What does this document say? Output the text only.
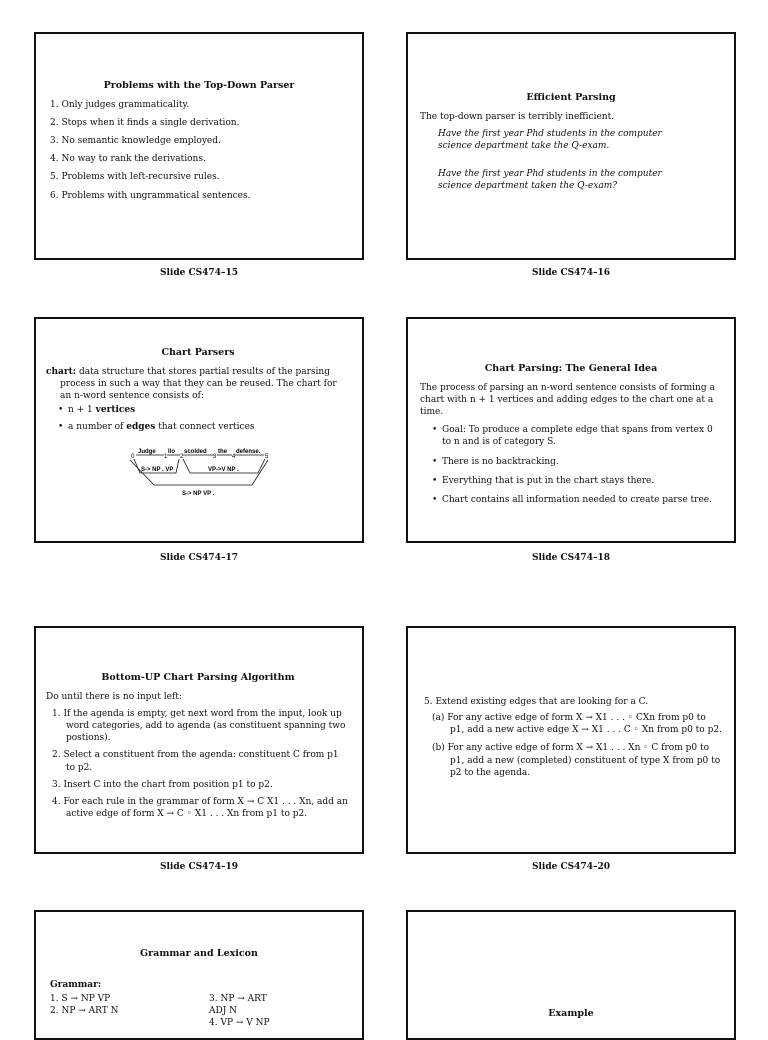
Problems with the Top-Down Parser
1. Only judges grammaticality.
2. Stops when it finds a single derivation.
3. No semantic knowledge employed.
4. No way to rank the derivations.
5. Problems with left-recursive rules.
6. Problems with ungrammatical sentences.
Slide CS474–15
Efficient Parsing
The top-down parser is terribly inefficient.
Have the first year Phd students in the computer science department take the Q-exam.
Have the first year Phd students in the computer science department taken the Q-exam?
Slide CS474–16
Chart Parsers
chart: data structure that stores partial results of the parsing process in such a way that they can be reused. The chart for an n-word sentence consists of:
• n + 1 vertices
• a number of edges that connect vertices
0	1 2	3	4	5
Judge Ilo scolded the defense.
S-> NP . VP	VP->V NP .
S-> NP VP .
Slide CS474–17
Chart Parsing: The General Idea
The process of parsing an n-word sentence consists of forming a chart with n + 1 vertices and adding edges to the chart one at a time.
• Goal: To produce a complete edge that spans from vertex 0 to n and is of category S.
• There is no backtracking.
• Everything that is put in the chart stays there.
• Chart contains all information needed to create parse tree.
Slide CS474–18
Bottom-UP Chart Parsing Algorithm
Do until there is no input left:
1. If the agenda is empty, get next word from the input, look up word categories, add to agenda (as constituent spanning two postions).
2. Select a constituent from the agenda: constituent C from p1 to p2.
3. Insert C into the chart from position p1 to p2.
4. For each rule in the grammar of form X → C X1 . . . Xn, add an active edge of form X → C ◦ X1 . . . Xn from p1 to p2.
Slide CS474–19
5. Extend existing edges that are looking for a C.
(a) For any active edge of form X → X1 . . . ◦ CXn from p0 to p1, add a new active edge X → X1 . . . C ◦ Xn from p0 to p2.
(b) For any active edge of form X → X1 . . . Xn ◦ C from p0 to p1, add a new (completed) constituent of type X from p0 to p2 to the agenda.
Slide CS474–20
Grammar and Lexicon
Grammar:
1. S → NP VP
2. NP → ART N
3. NP → ART ADJ N
4. VP → V NP
Example
